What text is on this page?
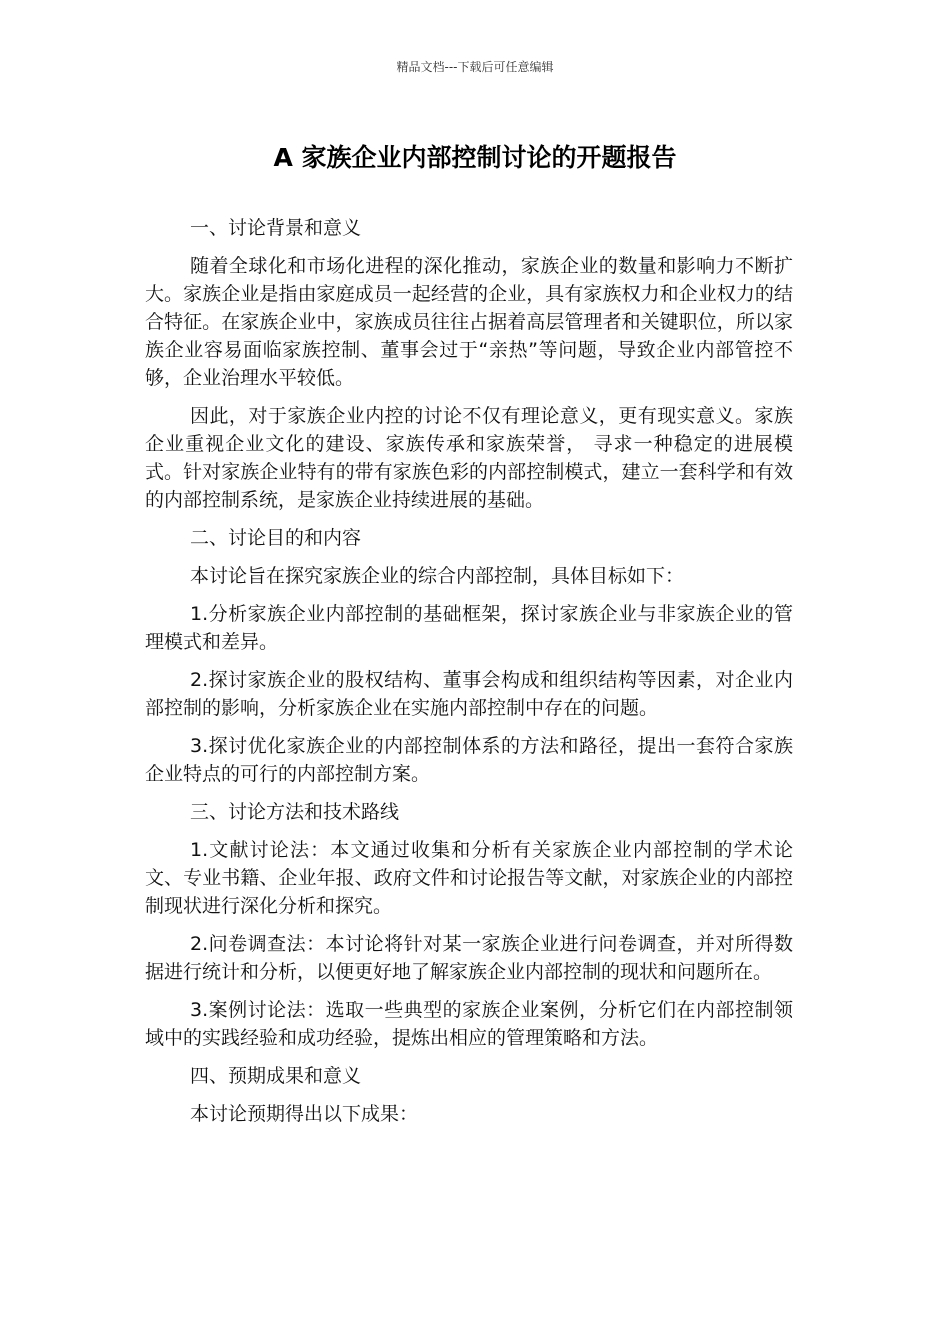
精品文档---下载后可任意编辑
A 家族企业内部控制讨论的开题报告

一、讨论背景和意义

随着全球化和市场化进程的深化推动，家族企业的数量和影响力不断扩大。家族企业是指由家庭成员一起经营的企业，具有家族权力和企业权力的结合特征。在家族企业中，家族成员往往占据着高层管理者和关键职位，所以家族企业容易面临家族控制、董事会过于“亲热”等问题，导致企业内部管控不够，企业治理水平较低。

因此，对于家族企业内控的讨论不仅有理论意义，更有现实意义。家族企业重视企业文化的建设、家族传承和家族荣誉， 寻求一种稳定的进展模式。针对家族企业特有的带有家族色彩的内部控制模式，建立一套科学和有效的内部控制系统，是家族企业持续进展的基础。

二、讨论目的和内容

本讨论旨在探究家族企业的综合内部控制，具体目标如下：

1.分析家族企业内部控制的基础框架，探讨家族企业与非家族企业的管理模式和差异。

2.探讨家族企业的股权结构、董事会构成和组织结构等因素，对企业内部控制的影响，分析家族企业在实施内部控制中存在的问题。

3.探讨优化家族企业的内部控制体系的方法和路径，提出一套符合家族企业特点的可行的内部控制方案。

三、讨论方法和技术路线

1.文献讨论法：本文通过收集和分析有关家族企业内部控制的学术论文、专业书籍、企业年报、政府文件和讨论报告等文献，对家族企业的内部控制现状进行深化分析和探究。

2.问卷调查法：本讨论将针对某一家族企业进行问卷调查，并对所得数据进行统计和分析，以便更好地了解家族企业内部控制的现状和问题所在。

3.案例讨论法：选取一些典型的家族企业案例，分析它们在内部控制领域中的实践经验和成功经验，提炼出相应的管理策略和方法。

四、预期成果和意义

本讨论预期得出以下成果：
